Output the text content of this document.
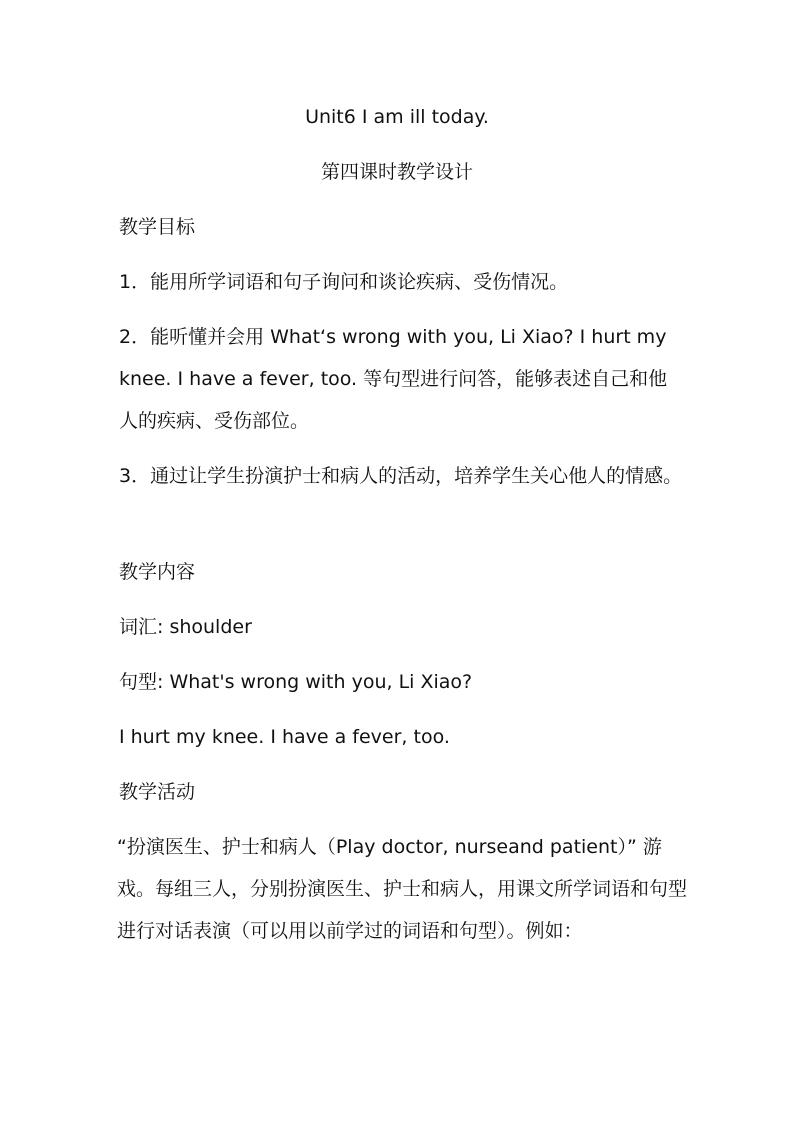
Unit6 I am ill today.
第四课时教学设计
教学目标
1．能用所学词语和句子询问和谈论疾病、受伤情况。
2．能听懂并会用 What‘s wrong with you, Li Xiao? I hurt my knee. I have a fever, too. 等句型进行问答，能够表述自己和他人的疾病、受伤部位。
3．通过让学生扮演护士和病人的活动，培养学生关心他人的情感。
教学内容
词汇: shoulder
句型: What's wrong with you, Li Xiao?
I hurt my knee. I have a fever, too.
教学活动
“扮演医生、护士和病人（Play doctor, nurseand patient）” 游戏。每组三人，分别扮演医生、护士和病人，用课文所学词语和句型进行对话表演（可以用以前学过的词语和句型）。例如：
